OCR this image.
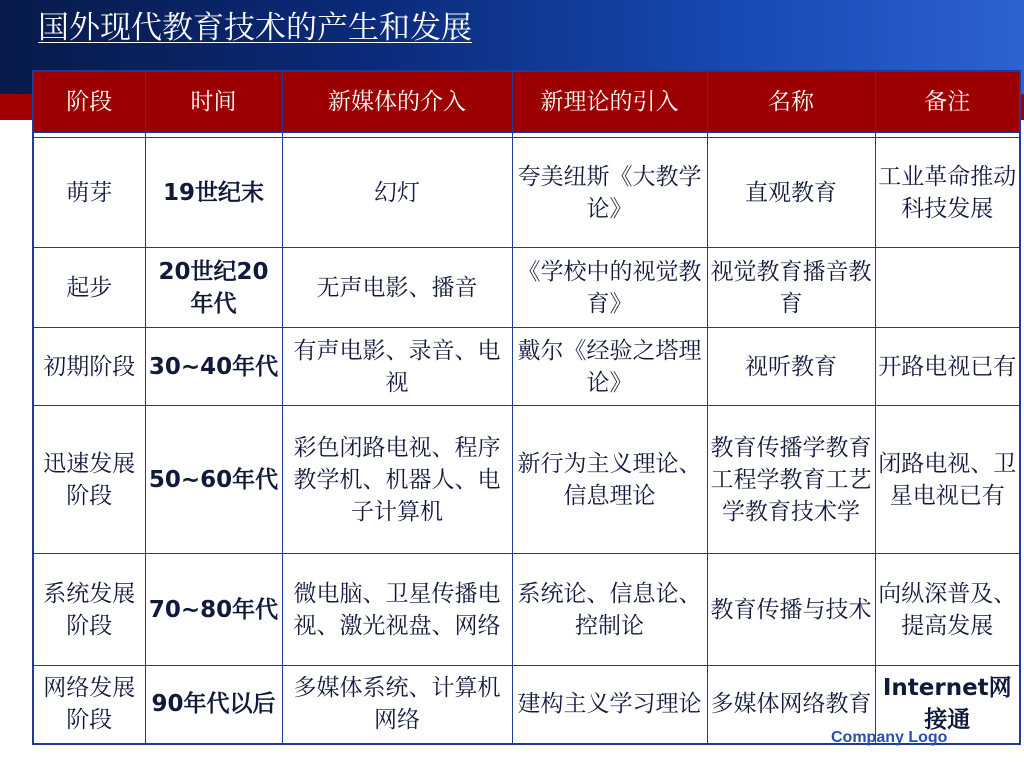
国外现代教育技术的产生和发展
阶段	时间	新媒体的介入	新理论的引入	名称	备注

萌芽	19世纪末	幻灯	夸美纽斯《大教学论》	直观教育	工业革命推动科技发展
起步	20世纪20年代	无声电影、播音	《学校中的视觉教育》	视觉教育播音教育	
初期阶段	30~40年代	有声电影、录音、电视	戴尔《经验之塔理论》	视听教育	开路电视已有
迅速发展阶段	50~60年代	彩色闭路电视、程序教学机、机器人、电子计算机	新行为主义理论、信息理论	教育传播学教育工程学教育工艺学教育技术学	闭路电视、卫星电视已有
系统发展阶段	70~80年代	微电脑、卫星传播电视、激光视盘、网络	系统论、信息论、控制论	教育传播与技术	向纵深普及、提高发展
网络发展阶段	90年代以后	多媒体系统、计算机网络	建构主义学习理论	多媒体网络教育	Internet网接通
Company Logo
